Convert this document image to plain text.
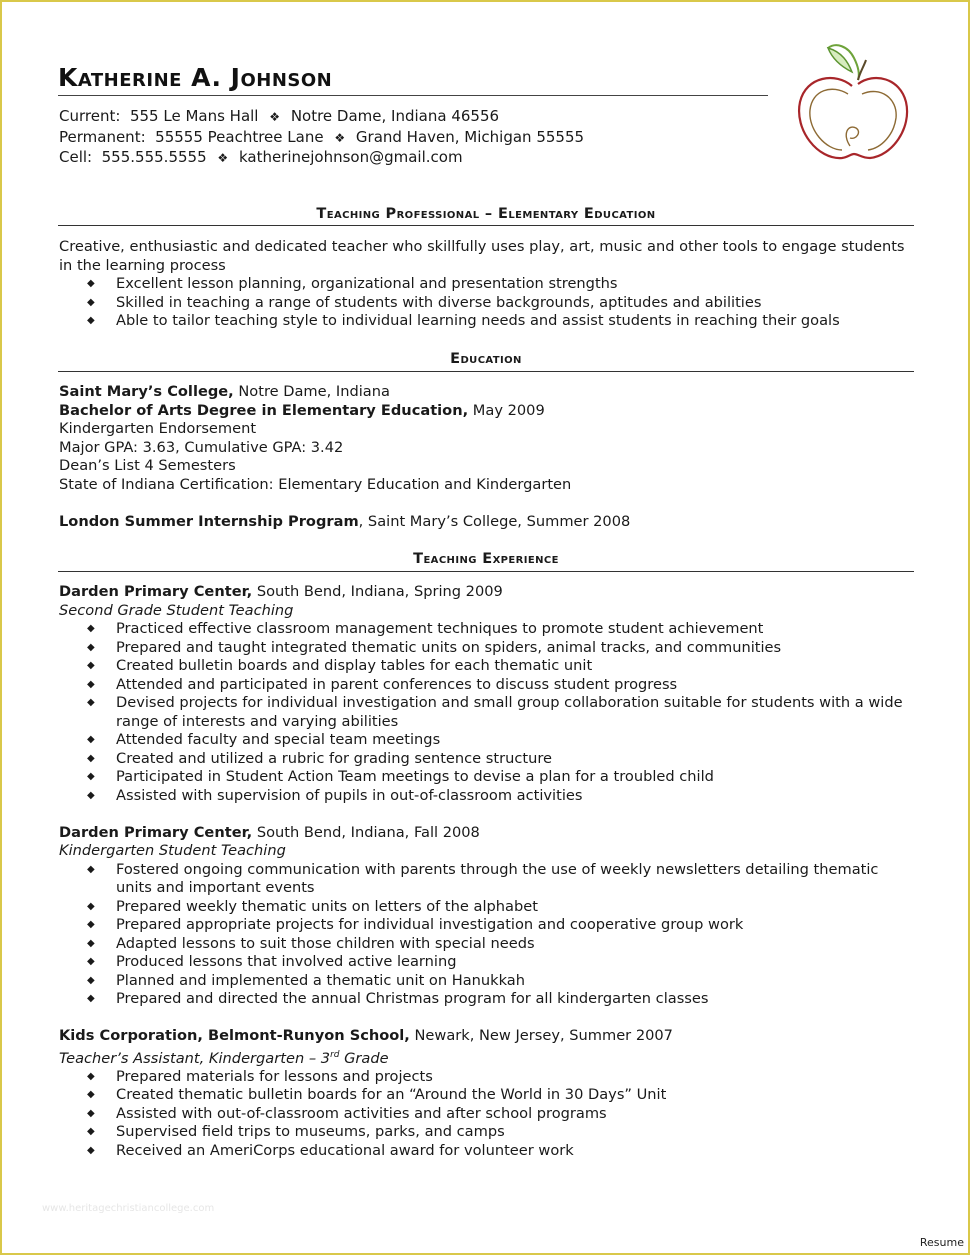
Katherine A. Johnson
Current: 555 Le Mans Hall ❖ Notre Dame, Indiana 46556
Permanent: 55555 Peachtree Lane ❖ Grand Haven, Michigan 55555
Cell: 555.555.5555 ❖ katherinejohnson@gmail.com
Teaching Professional – Elementary Education

Creative, enthusiastic and dedicated teacher who skillfully uses play, art, music and other tools to engage students in the learning process

◆ Excellent lesson planning, organizational and presentation strengths
◆ Skilled in teaching a range of students with diverse backgrounds, aptitudes and abilities
◆ Able to tailor teaching style to individual learning needs and assist students in reaching their goals
Education

Saint Mary’s College, Notre Dame, Indiana

Bachelor of Arts Degree in Elementary Education, May 2009

Kindergarten Endorsement

Major GPA: 3.63, Cumulative GPA: 3.42

Dean’s List 4 Semesters

State of Indiana Certification: Elementary Education and Kindergarten

London Summer Internship Program, Saint Mary’s College, Summer 2008

Teaching Experience

Darden Primary Center, South Bend, Indiana, Spring 2009

Second Grade Student Teaching

◆ Practiced effective classroom management techniques to promote student achievement
◆ Prepared and taught integrated thematic units on spiders, animal tracks, and communities
◆ Created bulletin boards and display tables for each thematic unit
◆ Attended and participated in parent conferences to discuss student progress
◆ Devised projects for individual investigation and small group collaboration suitable for students with a wide range of interests and varying abilities
◆ Attended faculty and special team meetings
◆ Created and utilized a rubric for grading sentence structure
◆ Participated in Student Action Team meetings to devise a plan for a troubled child
◆ Assisted with supervision of pupils in out-of-classroom activities

Darden Primary Center, South Bend, Indiana, Fall 2008

Kindergarten Student Teaching

◆ Fostered ongoing communication with parents through the use of weekly newsletters detailing thematic units and important events
◆ Prepared weekly thematic units on letters of the alphabet
◆ Prepared appropriate projects for individual investigation and cooperative group work
◆ Adapted lessons to suit those children with special needs
◆ Produced lessons that involved active learning
◆ Planned and implemented a thematic unit on Hanukkah
◆ Prepared and directed the annual Christmas program for all kindergarten classes

Kids Corporation, Belmont-Runyon School, Newark, New Jersey, Summer 2007

Teacher’s Assistant, Kindergarten – 3rd Grade

◆ Prepared materials for lessons and projects
◆ Created thematic bulletin boards for an “Around the World in 30 Days” Unit
◆ Assisted with out-of-classroom activities and after school programs
◆ Supervised field trips to museums, parks, and camps
◆ Received an AmeriCorps educational award for volunteer work
www.heritagechristiancollege.com
Resume
